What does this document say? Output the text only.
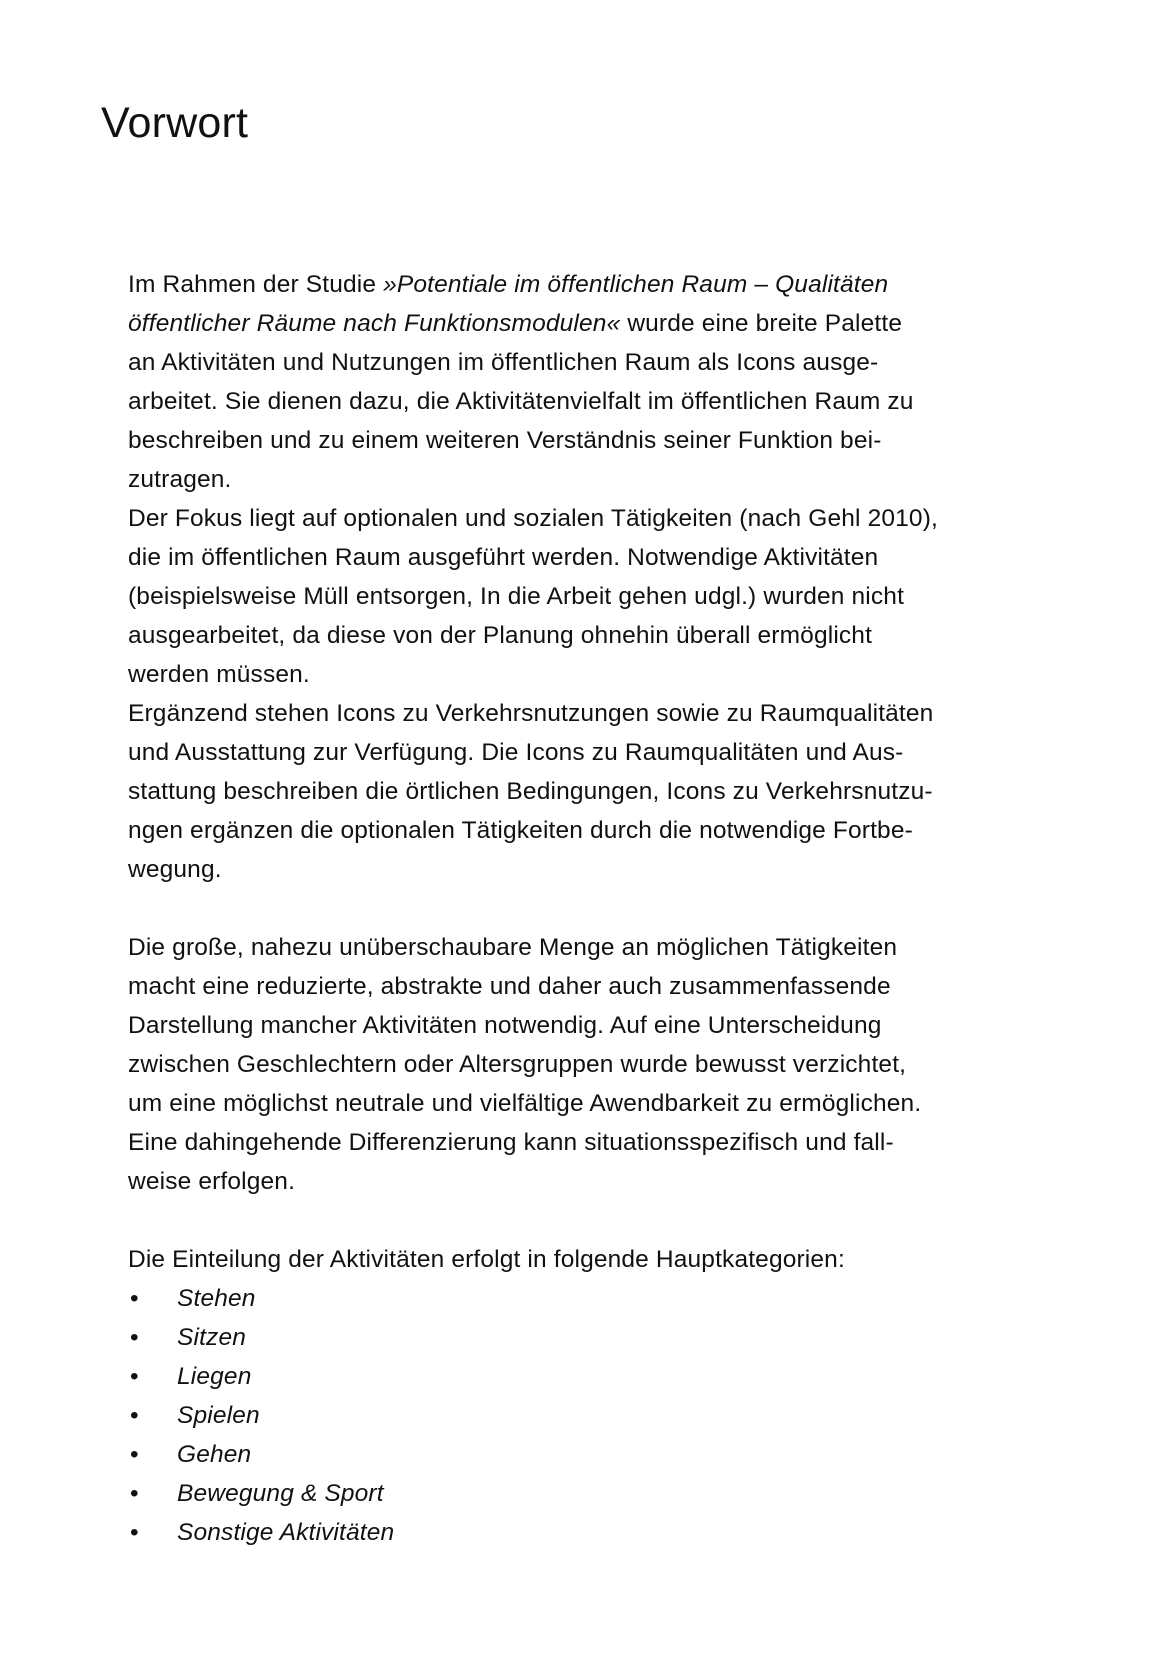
Vorwort
Im Rahmen der Studie »Potentiale im öffentlichen Raum – Qualitäten
öffentlicher Räume nach Funktionsmodulen« wurde eine breite Palette
an Aktivitäten und Nutzungen im öffentlichen Raum als Icons ausge-
arbeitet. Sie dienen dazu, die Aktivitätenvielfalt im öffentlichen Raum zu
beschreiben und zu einem weiteren Verständnis seiner Funktion bei-
zutragen.
Der Fokus liegt auf optionalen und sozialen Tätigkeiten (nach Gehl 2010),
die im öffentlichen Raum ausgeführt werden. Notwendige Aktivitäten
(beispielsweise Müll entsorgen, In die Arbeit gehen udgl.) wurden nicht
ausgearbeitet, da diese von der Planung ohnehin überall ermöglicht
werden müssen.
Ergänzend stehen Icons zu Verkehrsnutzungen sowie zu Raumqualitäten
und Ausstattung zur Verfügung. Die Icons zu Raumqualitäten und Aus-
stattung beschreiben die örtlichen Bedingungen, Icons zu Verkehrsnutzu-
ngen ergänzen die optionalen Tätigkeiten durch die notwendige Fortbe-
wegung.
Die große, nahezu unüberschaubare Menge an möglichen Tätigkeiten
macht eine reduzierte, abstrakte und daher auch zusammenfassende
Darstellung mancher Aktivitäten notwendig. Auf eine Unterscheidung
zwischen Geschlechtern oder Altersgruppen wurde bewusst verzichtet,
um eine möglichst neutrale und vielfältige Awendbarkeit zu ermöglichen.
Eine dahingehende Differenzierung kann situationsspezifisch und fall-
weise erfolgen.
Die Einteilung der Aktivitäten erfolgt in folgende Hauptkategorien:
• Stehen
• Sitzen
• Liegen
• Spielen
• Gehen
• Bewegung & Sport
• Sonstige Aktivitäten
